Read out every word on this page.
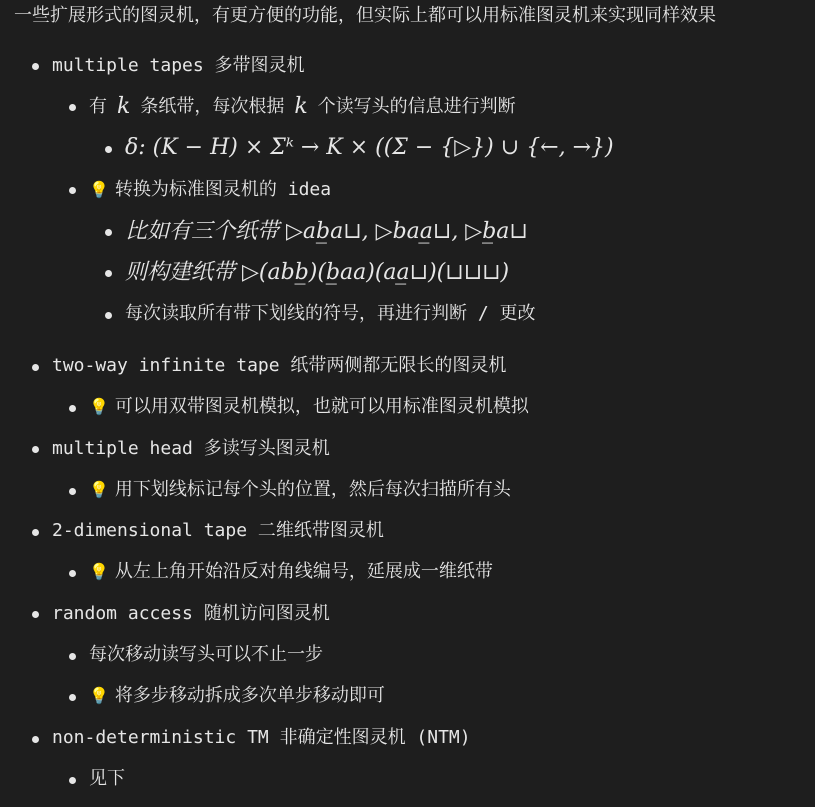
一些扩展形式的图灵机，有更方便的功能，但实际上都可以用标准图灵机来实现同样效果
multiple tapes 多带图灵机
有 k 条纸带，每次根据 k 个读写头的信息进行判断
δ: (K − H) × Σᵏ → K × ((Σ − {▷}) ∪ {←, →})
💡 转换为标准图灵机的 idea
比如有三个纸带 ▷ab̲a⊔, ▷baa̲⊔, ▷b̲a⊔
则构建纸带 ▷(abb̲)(b̲aa)(aa̲⊔)(⊔⊔⊔)
每次读取所有带下划线的符号，再进行判断 / 更改
two-way infinite tape 纸带两侧都无限长的图灵机
💡 可以用双带图灵机模拟，也就可以用标准图灵机模拟
multiple head 多读写头图灵机
💡 用下划线标记每个头的位置，然后每次扫描所有头
2-dimensional tape 二维纸带图灵机
💡 从左上角开始沿反对角线编号，延展成一维纸带
random access 随机访问图灵机
每次移动读写头可以不止一步
💡 将多步移动拆成多次单步移动即可
non-deterministic TM 非确定性图灵机 (NTM)
见下
